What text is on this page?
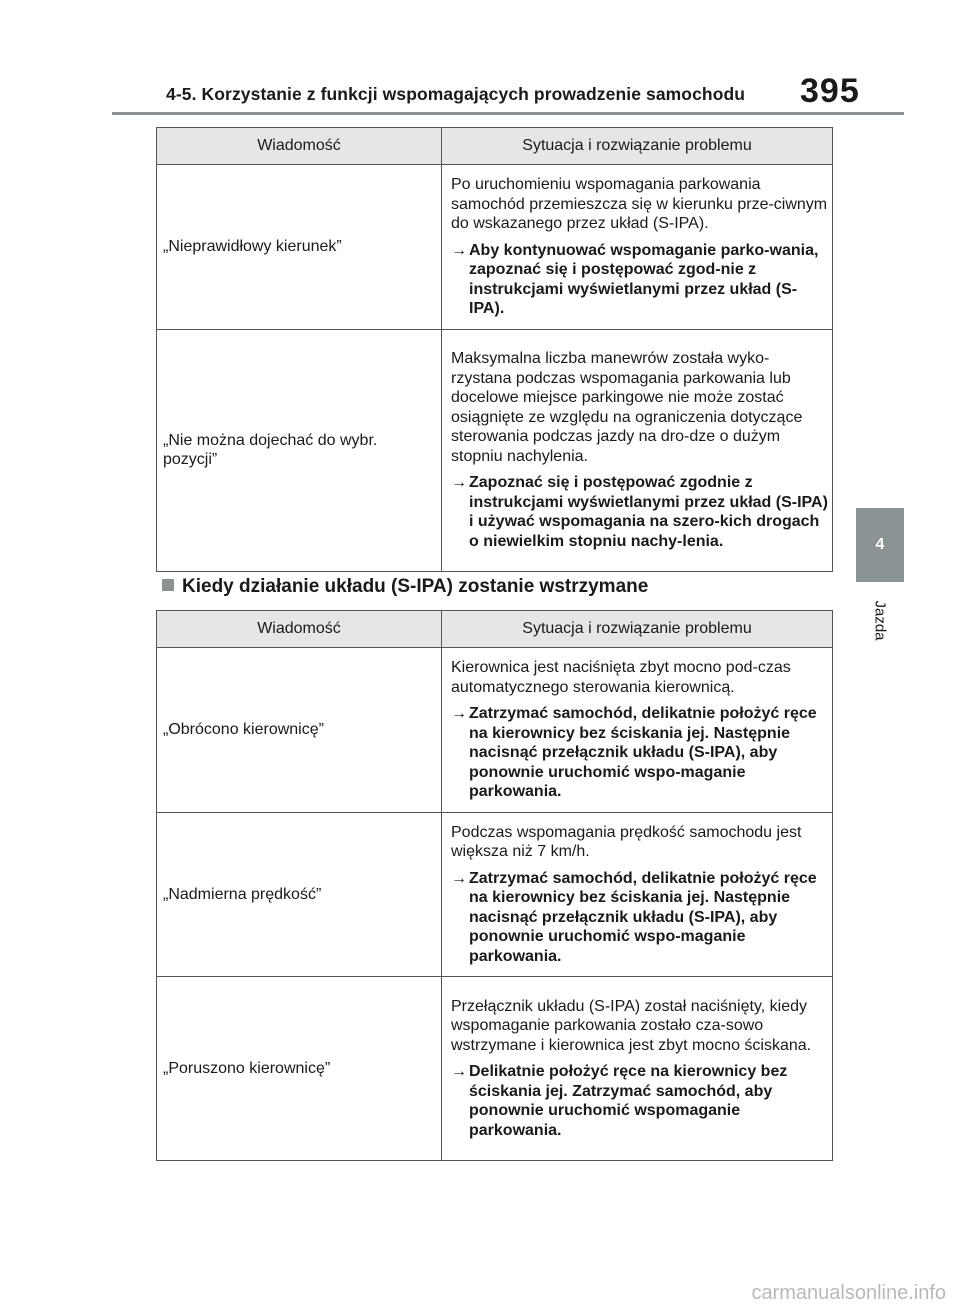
4-5. Korzystanie z funkcji wspomagających prowadzenie samochodu 395
4
Jazda
Wiadomość	Sytuacja i rozwiązanie problemu
„Nieprawidłowy kierunek”	Po uruchomieniu wspomagania parkowania samochód przemieszcza się w kierunku prze-ciwnym do wskazanego przez układ (S-IPA).

→ Aby kontynuować wspomaganie parko-wania, zapoznać się i postępować zgod-nie z instrukcjami wyświetlanymi przez układ (S-IPA).

„Nie można dojechać do wybr. pozycji”	Maksymalna liczba manewrów została wyko-rzystana podczas wspomagania parkowania lub docelowe miejsce parkingowe nie może zostać osiągnięte ze względu na ograniczenia dotyczące sterowania podczas jazdy na dro-dze o dużym stopniu nachylenia.

→ Zapoznać się i postępować zgodnie z instrukcjami wyświetlanymi przez układ (S-IPA) i używać wspomagania na szero-kich drogach o niewielkim stopniu nachy-lenia.
Kiedy działanie układu (S-IPA) zostanie wstrzymane
Wiadomość	Sytuacja i rozwiązanie problemu
„Obrócono kierownicę”	Kierownica jest naciśnięta zbyt mocno pod-czas automatycznego sterowania kierownicą.

→ Zatrzymać samochód, delikatnie położyć ręce na kierownicy bez ściskania jej. Następnie nacisnąć przełącznik układu (S-IPA), aby ponownie uruchomić wspo-maganie parkowania.

„Nadmierna prędkość”	Podczas wspomagania prędkość samochodu jest większa niż 7 km/h.

→ Zatrzymać samochód, delikatnie położyć ręce na kierownicy bez ściskania jej. Następnie nacisnąć przełącznik układu (S-IPA), aby ponownie uruchomić wspo-maganie parkowania.

„Poruszono kierownicę”	Przełącznik układu (S-IPA) został naciśnięty, kiedy wspomaganie parkowania zostało cza-sowo wstrzymane i kierownica jest zbyt mocno ściskana.

→ Delikatnie położyć ręce na kierownicy bez ściskania jej. Zatrzymać samochód, aby ponownie uruchomić wspomaganie parkowania.
carmanualsonline.info
